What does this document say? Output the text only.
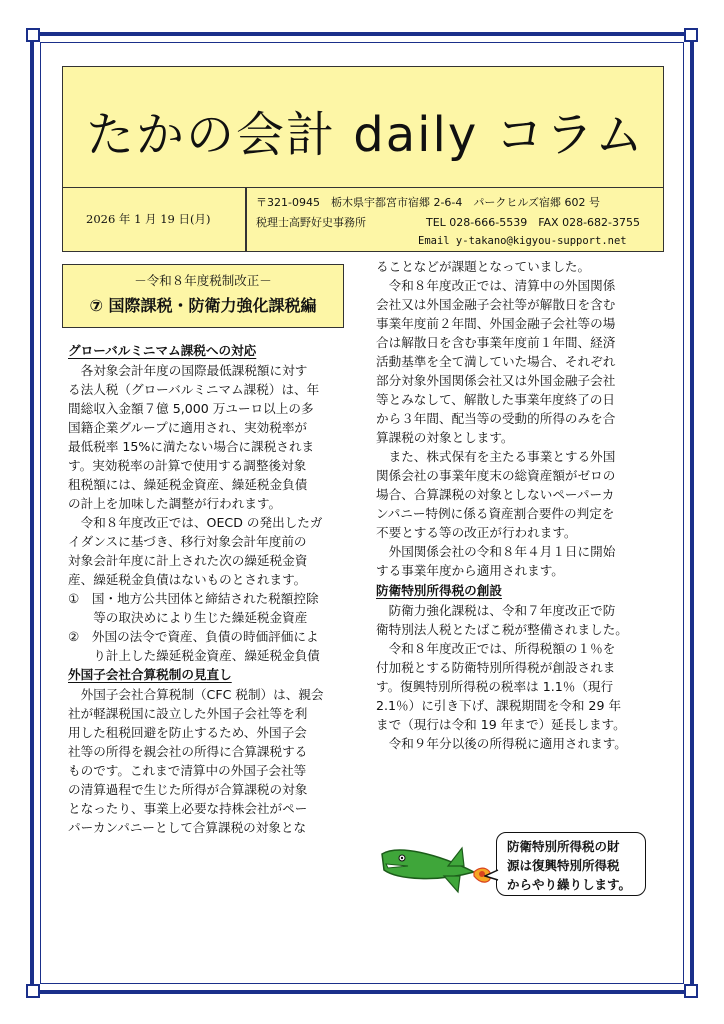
たかの会計 daily コラム
2026 年 1 月 19 日(月)
〒321-0945　栃木県宇都宮市宿郷 2-6-4　パークヒルズ宿郷 602 号
税理士高野好史事務所	TEL 028-666-5539　FAX 028-682-3755
Email y-takano@kigyou-support.net
－令和８年度税制改正－
⑦ 国際課税・防衛力強化課税編
グローバルミニマム課税への対応
　各対象会計年度の国際最低課税額に対す
る法人税（グローバルミニマム課税）は、年
間総収入金額７億 5,000 万ユーロ以上の多
国籍企業グループに適用され、実効税率が
最低税率 15%に満たない場合に課税されま
す。実効税率の計算で使用する調整後対象
租税額には、繰延税金資産、繰延税金負債
の計上を加味した調整が行われます。
　令和８年度改正では、OECD の発出したガ
イダンスに基づき、移行対象会計年度前の
対象会計年度に計上された次の繰延税金資
産、繰延税金負債はないものとされます。
①　国・地方公共団体と締結された税額控除
　　等の取決めにより生じた繰延税金資産
②　外国の法令で資産、負債の時価評価によ
　　り計上した繰延税金資産、繰延税金負債
外国子会社合算税制の見直し
　外国子会社合算税制（CFC 税制）は、親会
社が軽課税国に設立した外国子会社等を利
用した租税回避を防止するため、外国子会
社等の所得を親会社の所得に合算課税する
ものです。これまで清算中の外国子会社等
の清算過程で生じた所得が合算課税の対象
となったり、事業上必要な持株会社がペー
パーカンパニーとして合算課税の対象とな
ることなどが課題となっていました。
　令和８年度改正では、清算中の外国関係
会社又は外国金融子会社等が解散日を含む
事業年度前２年間、外国金融子会社等の場
合は解散日を含む事業年度前１年間、経済
活動基準を全て満していた場合、それぞれ
部分対象外国関係会社又は外国金融子会社
等とみなして、解散した事業年度終了の日
から３年間、配当等の受動的所得のみを合
算課税の対象とします。
　また、株式保有を主たる事業とする外国
関係会社の事業年度末の総資産額がゼロの
場合、合算課税の対象としないペーパーカ
ンパニー特例に係る資産割合要件の判定を
不要とする等の改正が行われます。
　外国関係会社の令和８年４月１日に開始
する事業年度から適用されます。
防衛特別所得税の創設
　防衛力強化課税は、令和７年度改正で防
衛特別法人税とたばこ税が整備されました。
　令和８年度改正では、所得税額の１％を
付加税とする防衛特別所得税が創設されま
す。復興特別所得税の税率は 1.1％（現行
2.1％）に引き下げ、課税期間を令和 29 年
まで（現行は令和 19 年まで）延長します。
　令和９年分以後の所得税に適用されます。
防衛特別所得税の財
源は復興特別所得税
からやり繰りします。
